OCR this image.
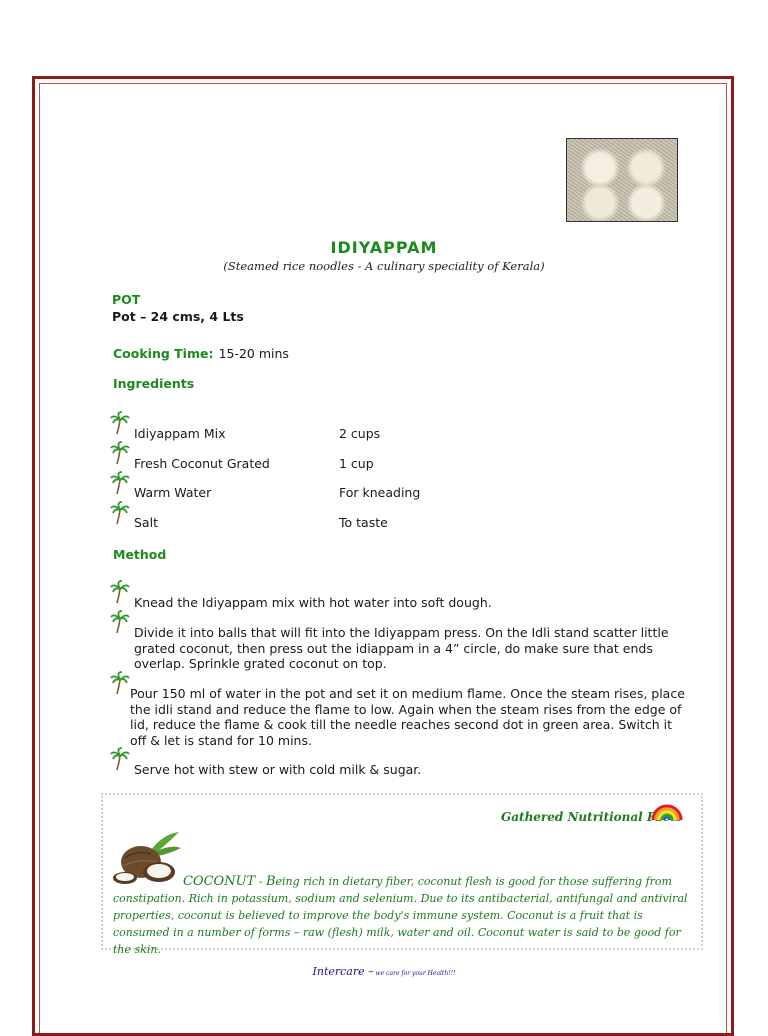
IDIYAPPAM
(Steamed rice noodles - A culinary speciality of Kerala)
POT
Pot – 24 cms, 4 Lts
Cooking Time: 15-20 mins
Ingredients
Idiyappam Mix	2 cups
Fresh Coconut Grated	1 cup
Warm Water	For kneading
Salt	To taste
Method
Knead the Idiyappam mix with hot water into soft dough.
Divide it into balls that will fit into the Idiyappam press. On the Idli stand scatter little grated coconut, then press out the idiappam in a 4” circle, do make sure that ends overlap. Sprinkle grated coconut on top.
Pour 150 ml of water in the pot and set it on medium flame. Once the steam rises, place the idli stand and reduce the flame to low. Again when the steam rises from the edge of lid, reduce the flame & cook till the needle reaches second dot in green area. Switch it off & let is stand for 10 mins.
Serve hot with stew or with cold milk & sugar.
Gathered Nutritional Facts
COCONUT - Being rich in dietary fiber, coconut flesh is good for those suffering from constipation. Rich in potassium, sodium and selenium. Due to its antibacterial, antifungal and antiviral properties, coconut is believed to improve the body's immune system. Coconut is a fruit that is consumed in a number of forms – raw (flesh) milk, water and oil. Coconut water is said to be good for the skin.
Intercare – we care for your Health!!!
